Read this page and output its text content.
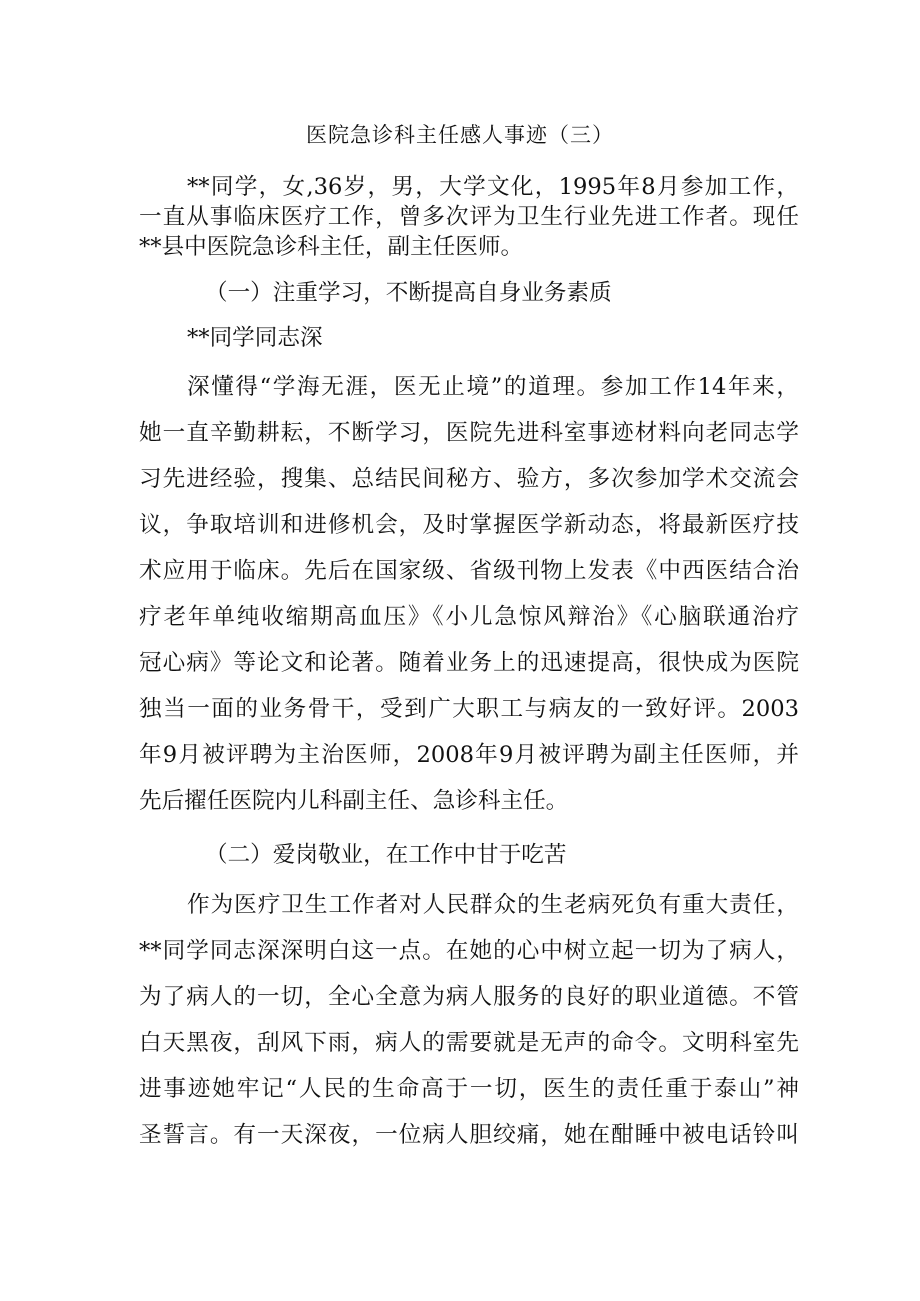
医院急诊科主任感人事迹（三）

**同学，女,36岁，男，大学文化，1995年8月参加工作，

一直从事临床医疗工作，曾多次评为卫生行业先进工作者。现任

**县中医院急诊科主任，副主任医师。

（一）注重学习，不断提高自身业务素质

**同学同志深

深懂得“学海无涯，医无止境”的道理。参加工作14年来，

她一直辛勤耕耘，不断学习，医院先进科室事迹材料向老同志学

习先进经验，搜集、总结民间秘方、验方，多次参加学术交流会

议，争取培训和进修机会，及时掌握医学新动态，将最新医疗技

术应用于临床。先后在国家级、省级刊物上发表《中西医结合治

疗老年单纯收缩期高血压》《小儿急惊风辩治》《心脑联通治疗

冠心病》等论文和论著。随着业务上的迅速提高，很快成为医院

独当一面的业务骨干，受到广大职工与病友的一致好评。2003

年9月被评聘为主治医师，2008年9月被评聘为副主任医师，并

先后擢任医院内儿科副主任、急诊科主任。

（二）爱岗敬业，在工作中甘于吃苦

作为医疗卫生工作者对人民群众的生老病死负有重大责任，

**同学同志深深明白这一点。在她的心中树立起一切为了病人，

为了病人的一切，全心全意为病人服务的良好的职业道德。不管

白天黑夜，刮风下雨，病人的需要就是无声的命令。文明科室先

进事迹她牢记“人民的生命高于一切，医生的责任重于泰山”神

圣誓言。有一天深夜，一位病人胆绞痛，她在酣睡中被电话铃叫
